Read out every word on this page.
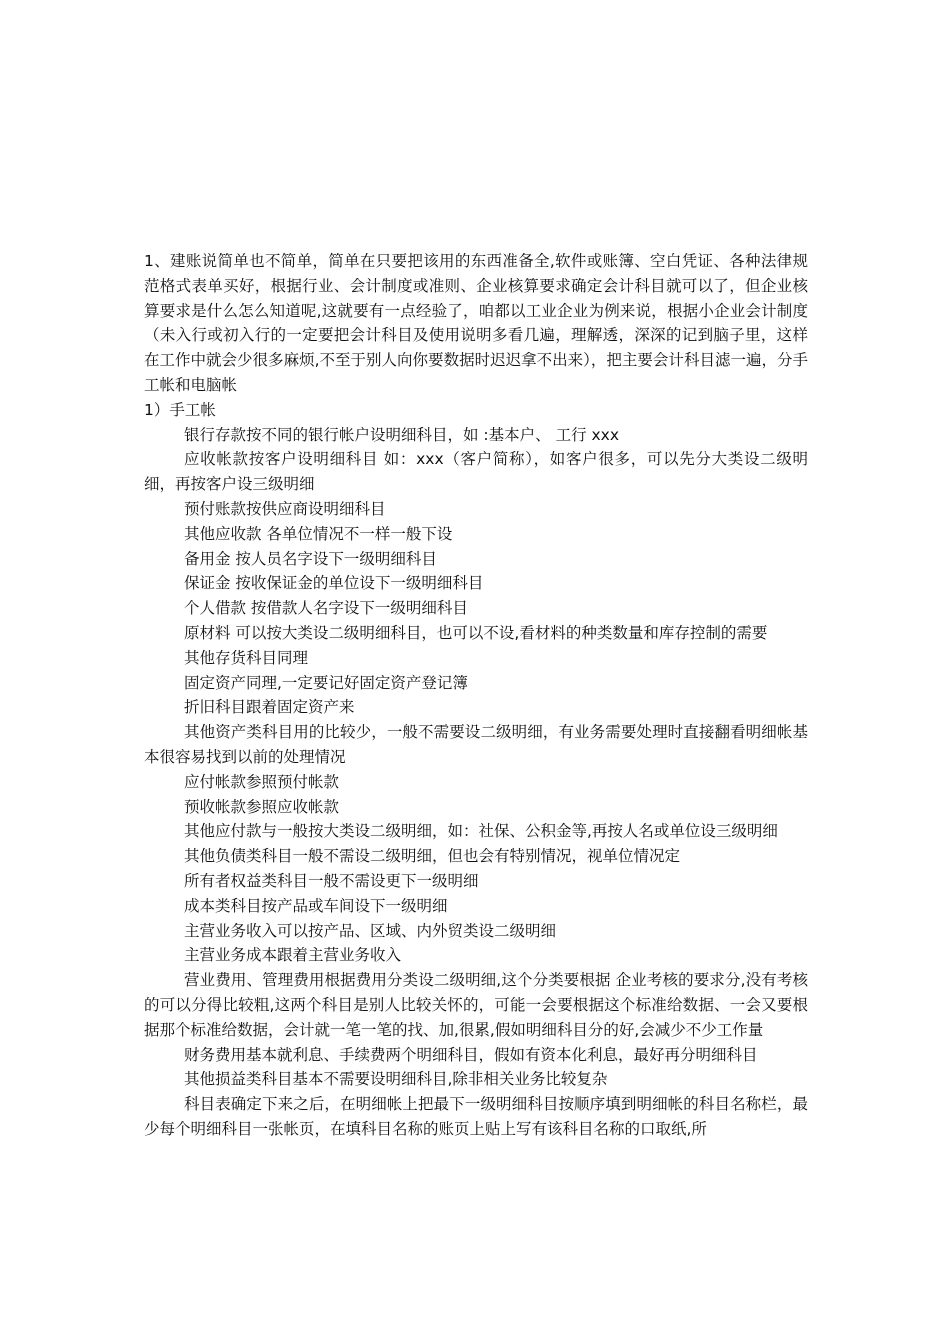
1、建账说简单也不简单，简单在只要把该用的东西准备全,软件或账簿、空白凭证、各种法律规范格式表单买好，根据行业、会计制度或准则、企业核算要求确定会计科目就可以了，但企业核算要求是什么怎么知道呢,这就要有一点经验了，咱都以工业企业为例来说，根据小企业会计制度（未入行或初入行的一定要把会计科目及使用说明多看几遍，理解透，深深的记到脑子里，这样在工作中就会少很多麻烦,不至于别人向你要数据时迟迟拿不出来），把主要会计科目滤一遍，分手工帐和电脑帐

1）手工帐

银行存款按不同的银行帐户设明细科目，如 :基本户、 工行 xxx

应收帐款按客户设明细科目 如：xxx（客户简称），如客户很多，可以先分大类设二级明细，再按客户设三级明细

预付账款按供应商设明细科目

其他应收款 各单位情况不一样一般下设

备用金 按人员名字设下一级明细科目

保证金 按收保证金的单位设下一级明细科目

个人借款 按借款人名字设下一级明细科目

原材料 可以按大类设二级明细科目，也可以不设,看材料的种类数量和库存控制的需要

其他存货科目同理

固定资产同理,一定要记好固定资产登记簿

折旧科目跟着固定资产来

其他资产类科目用的比较少，一般不需要设二级明细，有业务需要处理时直接翻看明细帐基本很容易找到以前的处理情况

应付帐款参照预付帐款

预收帐款参照应收帐款

其他应付款与一般按大类设二级明细，如：社保、公积金等,再按人名或单位设三级明细

其他负债类科目一般不需设二级明细，但也会有特别情况，视单位情况定

所有者权益类科目一般不需设更下一级明细

成本类科目按产品或车间设下一级明细

主营业务收入可以按产品、区域、内外贸类设二级明细

主营业务成本跟着主营业务收入

营业费用、管理费用根据费用分类设二级明细,这个分类要根据 企业考核的要求分,没有考核的可以分得比较粗,这两个科目是别人比较关怀的，可能一会要根据这个标准给数据、一会又要根据那个标准给数据，会计就一笔一笔的找、加,很累,假如明细科目分的好,会减少不少工作量

财务费用基本就利息、手续费两个明细科目，假如有资本化利息，最好再分明细科目

其他损益类科目基本不需要设明细科目,除非相关业务比较复杂

科目表确定下来之后，在明细帐上把最下一级明细科目按顺序填到明细帐的科目名称栏，最少每个明细科目一张帐页，在填科目名称的账页上贴上写有该科目名称的口取纸,所
